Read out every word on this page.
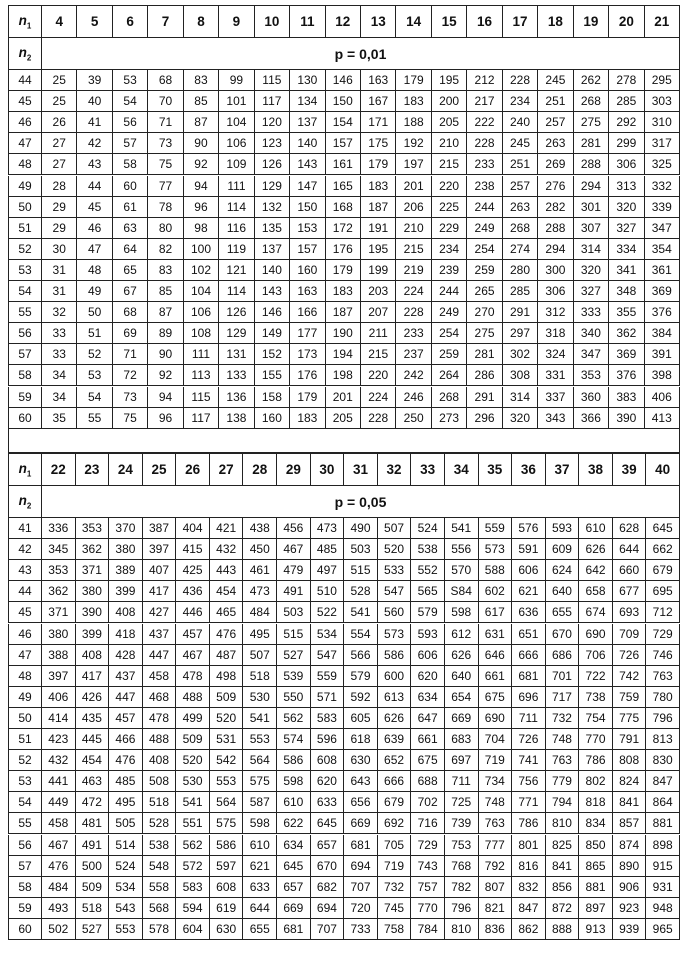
$n_1$	4	5	6	7	8	9	10	11	12	13	14	15	16	17	18	19	20	21
$n_2$	p = 0,01
44	25	39	53	68	83	99	115	130	146	163	179	195	212	228	245	262	278	295
45	25	40	54	70	85	101	117	134	150	167	183	200	217	234	251	268	285	303
46	26	41	56	71	87	104	120	137	154	171	188	205	222	240	257	275	292	310
47	27	42	57	73	90	106	123	140	157	175	192	210	228	245	263	281	299	317
48	27	43	58	75	92	109	126	143	161	179	197	215	233	251	269	288	306	325
49	28	44	60	77	94	111	129	147	165	183	201	220	238	257	276	294	313	332
50	29	45	61	78	96	114	132	150	168	187	206	225	244	263	282	301	320	339
51	29	46	63	80	98	116	135	153	172	191	210	229	249	268	288	307	327	347
52	30	47	64	82	100	119	137	157	176	195	215	234	254	274	294	314	334	354
53	31	48	65	83	102	121	140	160	179	199	219	239	259	280	300	320	341	361
54	31	49	67	85	104	114	143	163	183	203	224	244	265	285	306	327	348	369
55	32	50	68	87	106	126	146	166	187	207	228	249	270	291	312	333	355	376
56	33	51	69	89	108	129	149	177	190	211	233	254	275	297	318	340	362	384
57	33	52	71	90	111	131	152	173	194	215	237	259	281	302	324	347	369	391
58	34	53	72	92	113	133	155	176	198	220	242	264	286	308	331	353	376	398
59	34	54	73	94	115	136	158	179	201	224	246	268	291	314	337	360	383	406
60	35	55	75	96	117	138	160	183	205	228	250	273	296	320	343	366	390	413
$n_1$	22	23	24	25	26	27	28	29	30	31	32	33	34	35	36	37	38	39	40
$n_2$	p = 0,05
41	336	353	370	387	404	421	438	456	473	490	507	524	541	559	576	593	610	628	645
42	345	362	380	397	415	432	450	467	485	503	520	538	556	573	591	609	626	644	662
43	353	371	389	407	425	443	461	479	497	515	533	552	570	588	606	624	642	660	679
44	362	380	399	417	436	454	473	491	510	528	547	565	S84	602	621	640	658	677	695
45	371	390	408	427	446	465	484	503	522	541	560	579	598	617	636	655	674	693	712
46	380	399	418	437	457	476	495	515	534	554	573	593	612	631	651	670	690	709	729
47	388	408	428	447	467	487	507	527	547	566	586	606	626	646	666	686	706	726	746
48	397	417	437	458	478	498	518	539	559	579	600	620	640	661	681	701	722	742	763
49	406	426	447	468	488	509	530	550	571	592	613	634	654	675	696	717	738	759	780
50	414	435	457	478	499	520	541	562	583	605	626	647	669	690	711	732	754	775	796
51	423	445	466	488	509	531	553	574	596	618	639	661	683	704	726	748	770	791	813
52	432	454	476	408	520	542	564	586	608	630	652	675	697	719	741	763	786	808	830
53	441	463	485	508	530	553	575	598	620	643	666	688	711	734	756	779	802	824	847
54	449	472	495	518	541	564	587	610	633	656	679	702	725	748	771	794	818	841	864
55	458	481	505	528	551	575	598	622	645	669	692	716	739	763	786	810	834	857	881
56	467	491	514	538	562	586	610	634	657	681	705	729	753	777	801	825	850	874	898
57	476	500	524	548	572	597	621	645	670	694	719	743	768	792	816	841	865	890	915
58	484	509	534	558	583	608	633	657	682	707	732	757	782	807	832	856	881	906	931
59	493	518	543	568	594	619	644	669	694	720	745	770	796	821	847	872	897	923	948
60	502	527	553	578	604	630	655	681	707	733	758	784	810	836	862	888	913	939	965
